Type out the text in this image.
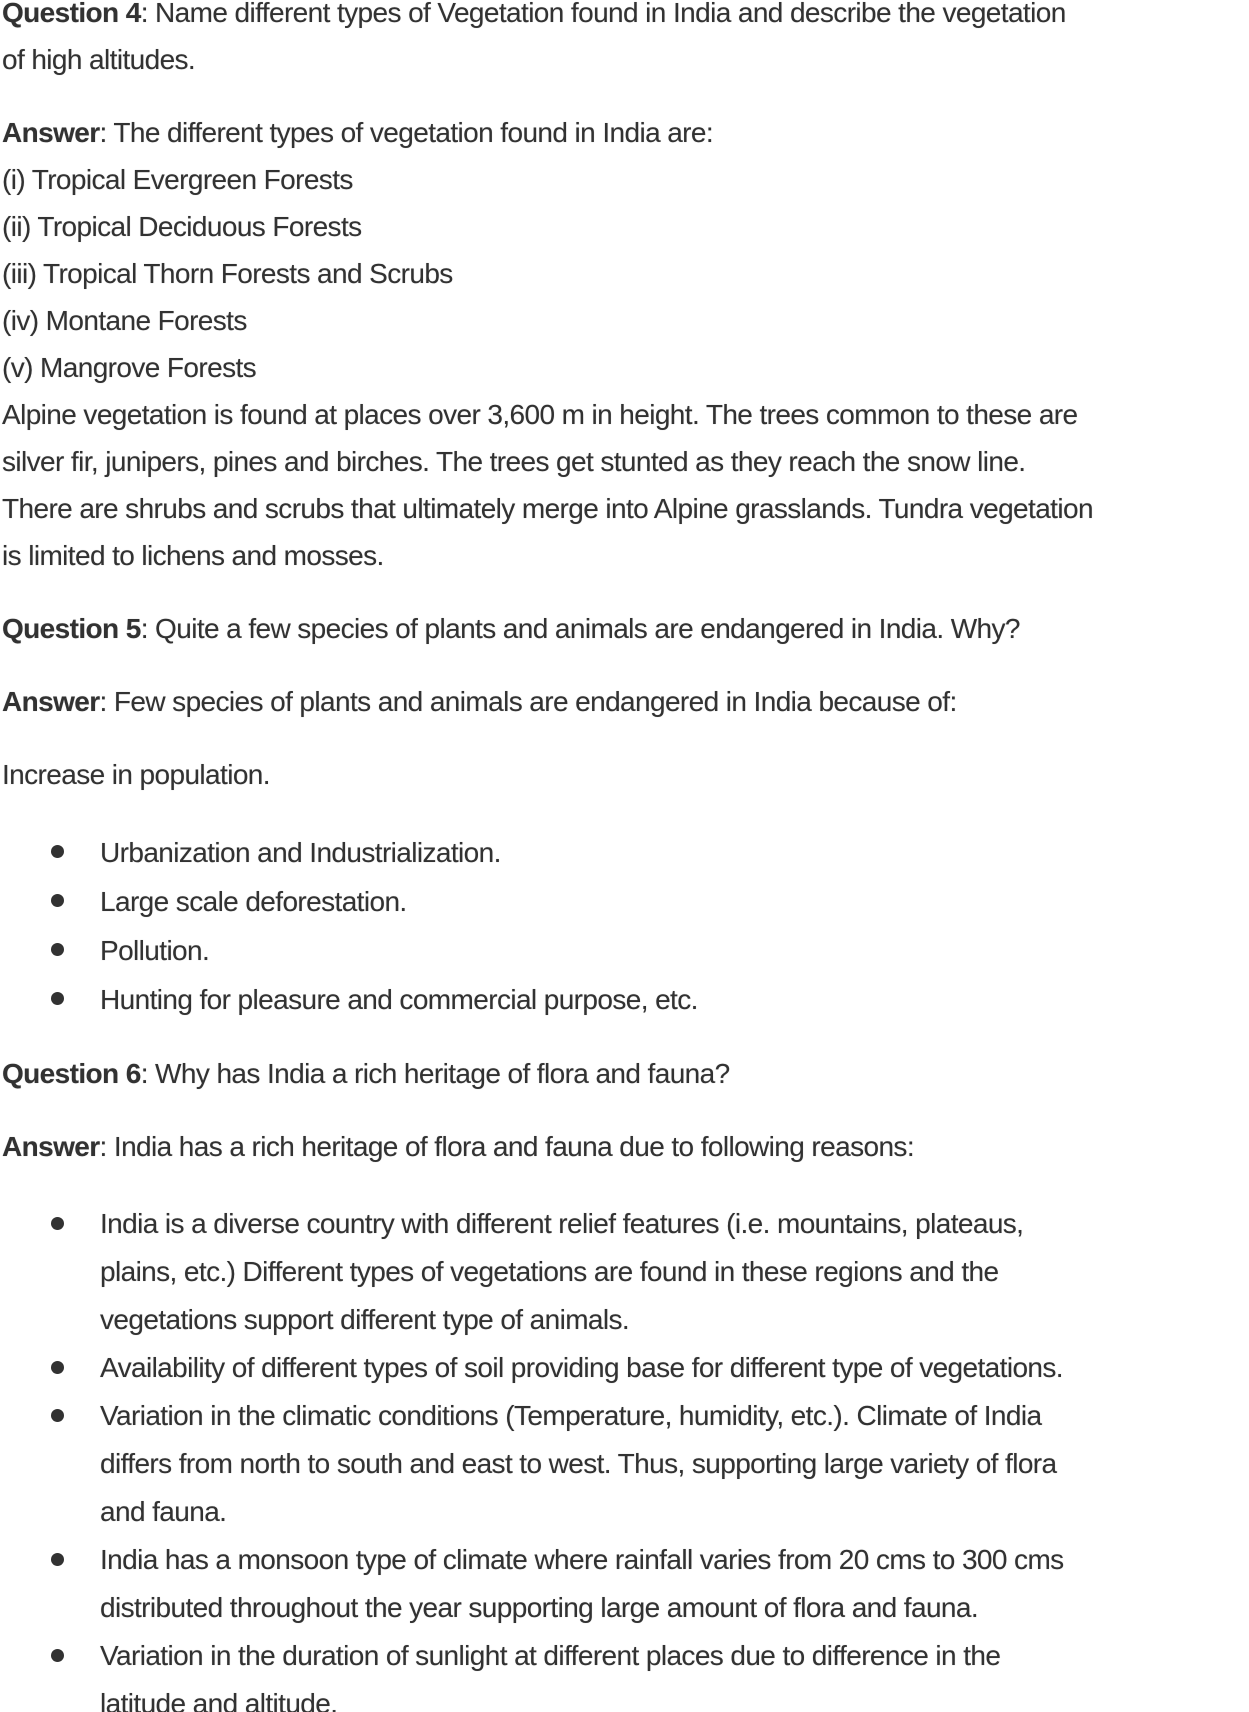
Question 4: Name different types of Vegetation found in India and describe the vegetation
of high altitudes.
Answer: The different types of vegetation found in India are:
(i) Tropical Evergreen Forests
(ii) Tropical Deciduous Forests
(iii) Tropical Thorn Forests and Scrubs
(iv) Montane Forests
(v) Mangrove Forests
Alpine vegetation is found at places over 3,600 m in height. The trees common to these are
silver fir, junipers, pines and birches. The trees get stunted as they reach the snow line.
There are shrubs and scrubs that ultimately merge into Alpine grasslands. Tundra vegetation
is limited to lichens and mosses.
Question 5: Quite a few species of plants and animals are endangered in India. Why?
Answer: Few species of plants and animals are endangered in India because of:
Increase in population.
Urbanization and Industrialization.
Large scale deforestation.
Pollution.
Hunting for pleasure and commercial purpose, etc.
Question 6: Why has India a rich heritage of flora and fauna?
Answer: India has a rich heritage of flora and fauna due to following reasons:
India is a diverse country with different relief features (i.e. mountains, plateaus,
plains, etc.) Different types of vegetations are found in these regions and the
vegetations support different type of animals.
Availability of different types of soil providing base for different type of vegetations.
Variation in the climatic conditions (Temperature, humidity, etc.). Climate of India
differs from north to south and east to west. Thus, supporting large variety of flora
and fauna.
India has a monsoon type of climate where rainfall varies from 20 cms to 300 cms
distributed throughout the year supporting large amount of flora and fauna.
Variation in the duration of sunlight at different places due to difference in the
latitude and altitude.
